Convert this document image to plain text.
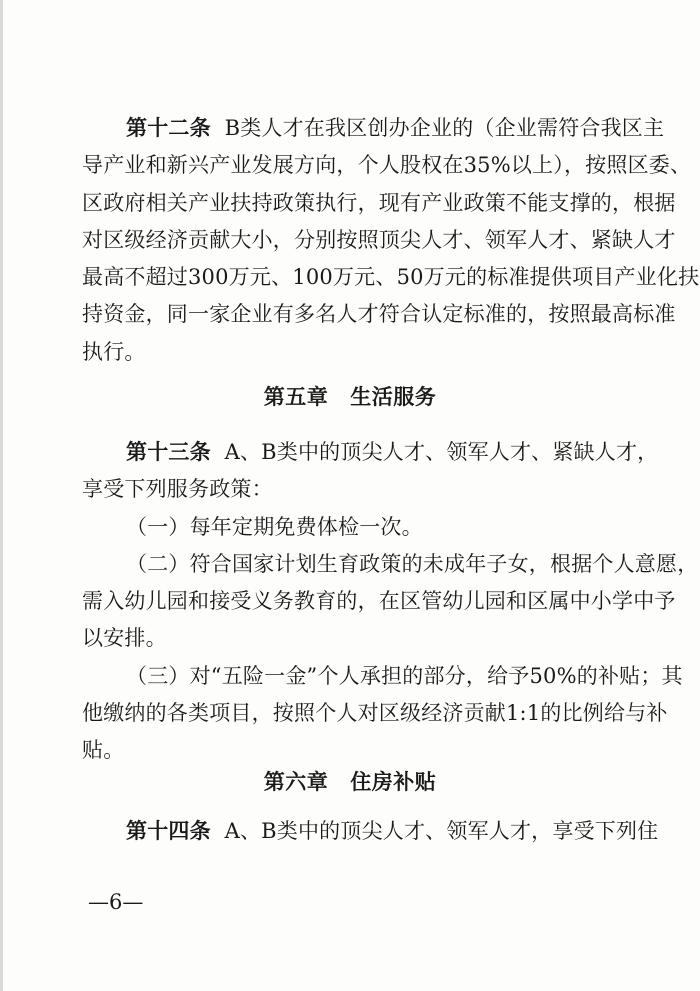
第十二条 B类人才在我区创办企业的（企业需符合我区主
导产业和新兴产业发展方向，个人股权在35%以上），按照区委、
区政府相关产业扶持政策执行，现有产业政策不能支撑的，根据
对区级经济贡献大小，分别按照顶尖人才、领军人才、紧缺人才
最高不超过300万元、100万元、50万元的标准提供项目产业化扶
持资金，同一家企业有多名人才符合认定标准的，按照最高标准
执行。
第五章 生活服务
第十三条 A、B类中的顶尖人才、领军人才、紧缺人才，
享受下列服务政策：
（一）每年定期免费体检一次。
（二）符合国家计划生育政策的未成年子女，根据个人意愿，
需入幼儿园和接受义务教育的，在区管幼儿园和区属中小学中予
以安排。
（三）对“五险一金”个人承担的部分，给予50%的补贴；其
他缴纳的各类项目，按照个人对区级经济贡献1:1的比例给与补
贴。
第六章 住房补贴
第十四条 A、B类中的顶尖人才、领军人才，享受下列住
—6—
